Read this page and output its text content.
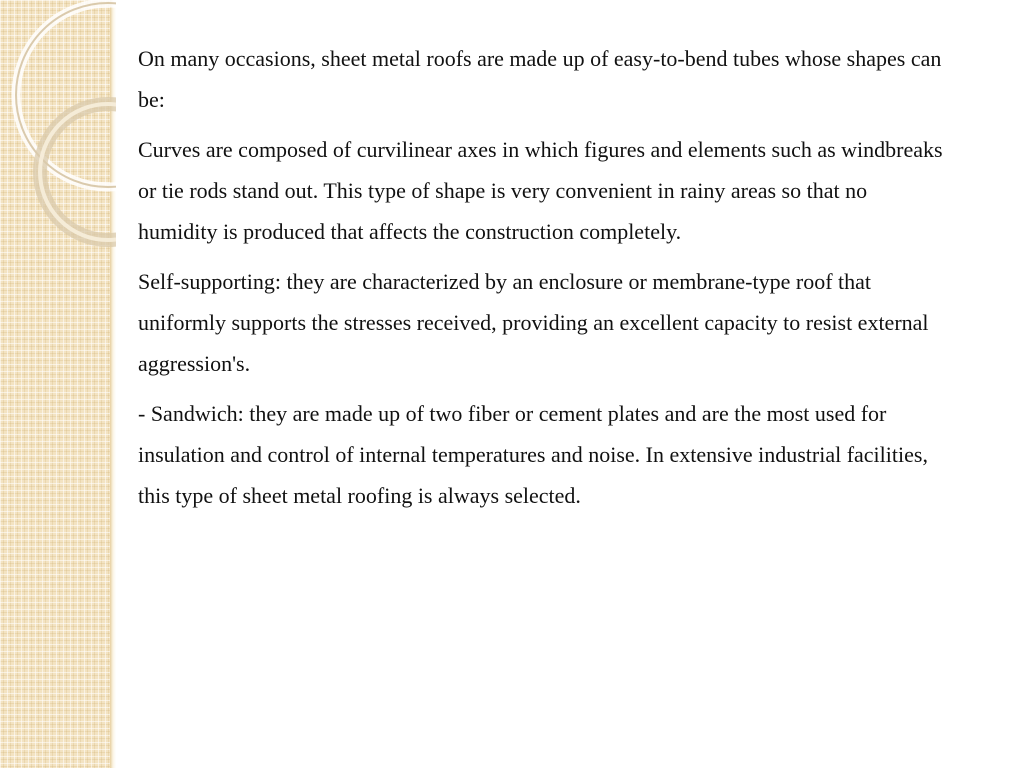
On many occasions, sheet metal roofs are made up of easy-to-bend tubes whose shapes can be:

Curves are composed of curvilinear axes in which figures and elements such as windbreaks or tie rods stand out. This type of shape is very convenient in rainy areas so that no humidity is produced that affects the construction completely.

Self-supporting: they are characterized by an enclosure or membrane-type roof that uniformly supports the stresses received, providing an excellent capacity to resist external aggression's.

- Sandwich: they are made up of two fiber or cement plates and are the most used for insulation and control of internal temperatures and noise. In extensive industrial facilities, this type of sheet metal roofing is always selected.
